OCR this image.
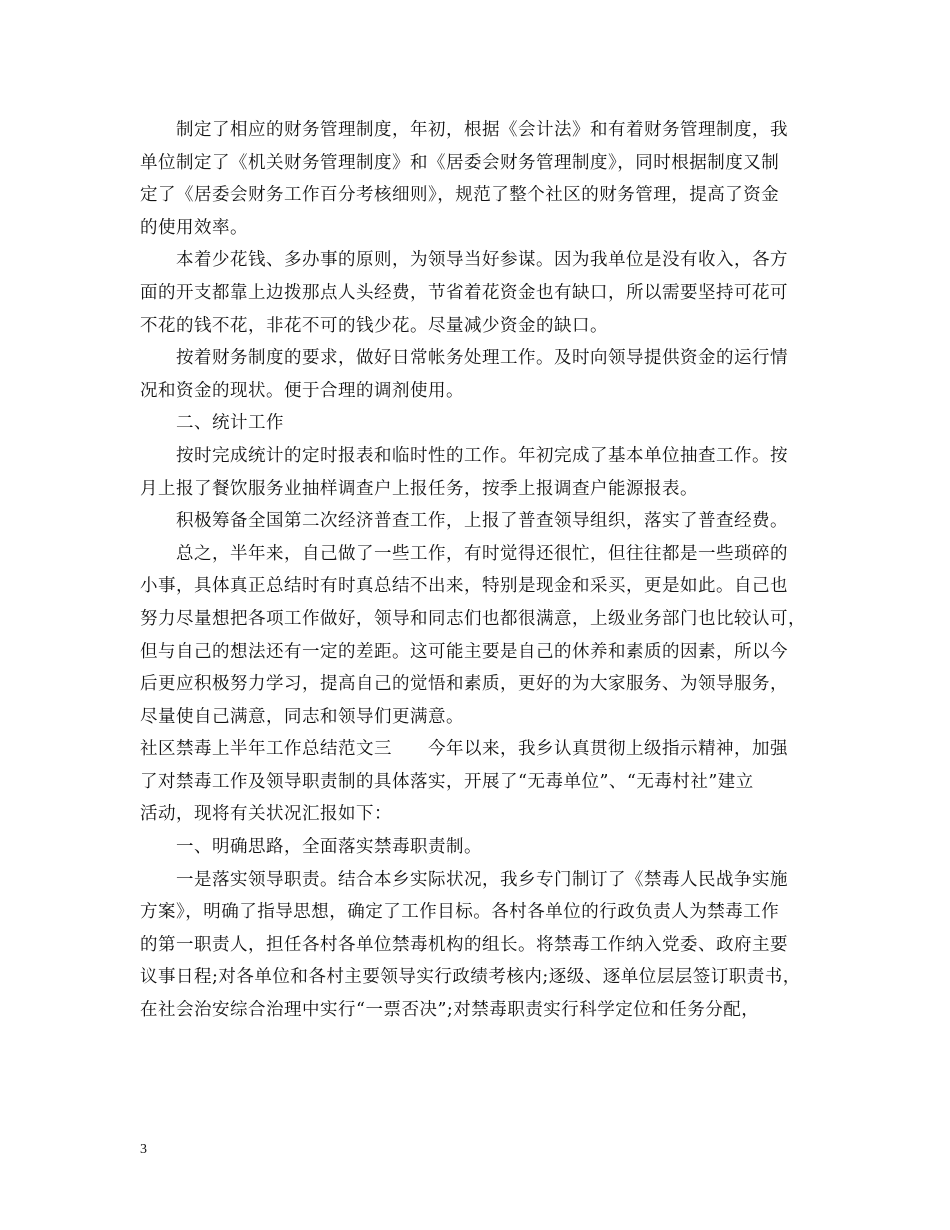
制定了相应的财务管理制度，年初，根据《会计法》和有着财务管理制度，我
单位制定了《机关财务管理制度》和《居委会财务管理制度》，同时根据制度又制
定了《居委会财务工作百分考核细则》，规范了整个社区的财务管理，提高了资金
的使用效率。
本着少花钱、多办事的原则，为领导当好参谋。因为我单位是没有收入，各方
面的开支都靠上边拨那点人头经费，节省着花资金也有缺口，所以需要坚持可花可
不花的钱不花，非花不可的钱少花。尽量减少资金的缺口。
按着财务制度的要求，做好日常帐务处理工作。及时向领导提供资金的运行情
况和资金的现状。便于合理的调剂使用。
二、统计工作
按时完成统计的定时报表和临时性的工作。年初完成了基本单位抽查工作。按
月上报了餐饮服务业抽样调查户上报任务，按季上报调查户能源报表。
积极筹备全国第二次经济普查工作，上报了普查领导组织，落实了普查经费。
总之，半年来，自己做了一些工作，有时觉得还很忙，但往往都是一些琐碎的
小事，具体真正总结时有时真总结不出来，特别是现金和采买，更是如此。自己也
努力尽量想把各项工作做好，领导和同志们也都很满意，上级业务部门也比较认可，
但与自己的想法还有一定的差距。这可能主要是自己的休养和素质的因素，所以今
后更应积极努力学习，提高自己的觉悟和素质，更好的为大家服务、为领导服务，
尽量使自己满意，同志和领导们更满意。
社区禁毒上半年工作总结范文三　　今年以来，我乡认真贯彻上级指示精神，加强
了对禁毒工作及领导职责制的具体落实，开展了“无毒单位”、“无毒村社”建立
活动，现将有关状况汇报如下：
一、明确思路，全面落实禁毒职责制。
一是落实领导职责。结合本乡实际状况，我乡专门制订了《禁毒人民战争实施
方案》，明确了指导思想，确定了工作目标。各村各单位的行政负责人为禁毒工作
的第一职责人，担任各村各单位禁毒机构的组长。将禁毒工作纳入党委、政府主要
议事日程;对各单位和各村主要领导实行政绩考核内;逐级、逐单位层层签订职责书，
在社会治安综合治理中实行“一票否决”;对禁毒职责实行科学定位和任务分配，
3
